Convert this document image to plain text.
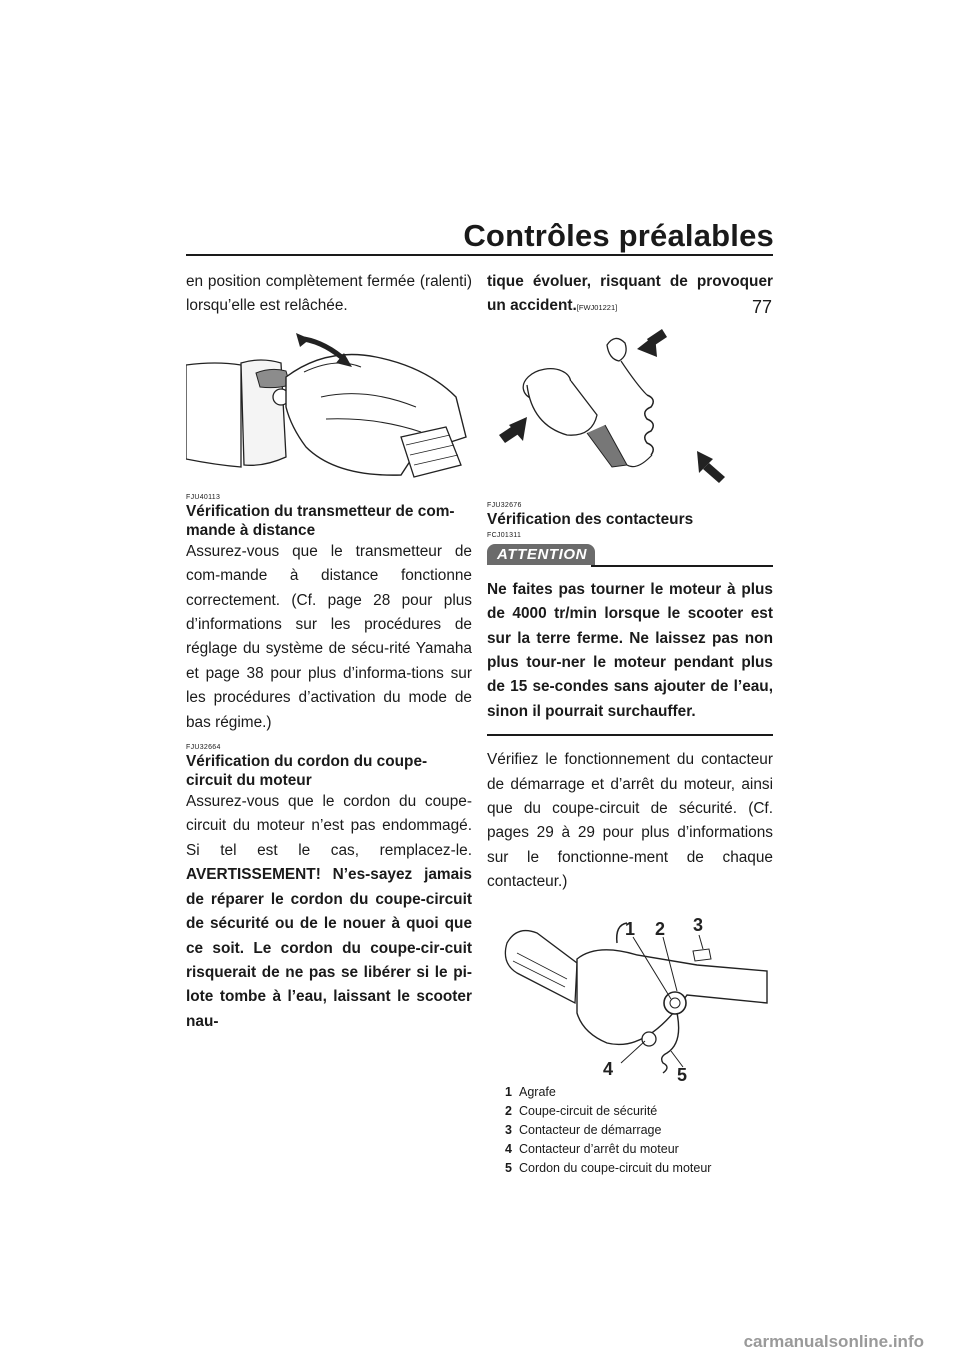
Contrôles préalables
77

en position complètement fermée (ralenti) lorsqu’elle est relâchée.

FJU40113
Vérification du transmetteur de com-mande à distance

Assurez-vous que le transmetteur de com-mande à distance fonctionne correctement. (Cf. page 28 pour plus d’informations sur les procédures de réglage du système de sécu-rité Yamaha et page 38 pour plus d’informa-tions sur les procédures d’activation du mode de bas régime.)

FJU32664
Vérification du cordon du coupe-circuit du moteur

Assurez-vous que le cordon du coupe-circuit du moteur n’est pas endommagé. Si tel est le cas, remplacez-le. AVERTISSEMENT! N’es-sayez jamais de réparer le cordon du coupe-circuit de sécurité ou de le nouer à quoi que ce soit. Le cordon du coupe-cir-cuit risquerait de ne pas se libérer si le pi-lote tombe à l’eau, laissant le scooter nau-

tique évoluer, risquant de provoquer un accident.[FWJ01221]

FJU32676
Vérification des contacteurs
FCJ01311
ATTENTION

Ne faites pas tourner le moteur à plus de 4000 tr/min lorsque le scooter est sur la terre ferme. Ne laissez pas non plus tour-ner le moteur pendant plus de 15 se-condes sans ajouter de l’eau, sinon il pourrait surchauffer.

Vérifiez le fonctionnement du contacteur de démarrage et d’arrêt du moteur, ainsi que du coupe-circuit de sécurité. (Cf. pages 29 à 29 pour plus d’informations sur le fonctionne-ment de chaque contacteur.)

1 2 3
4	5
1 Agrafe
2 Coupe-circuit de sécurité
3 Contacteur de démarrage
4 Contacteur d’arrêt du moteur
5 Cordon du coupe-circuit du moteur
carmanualsonline.info
